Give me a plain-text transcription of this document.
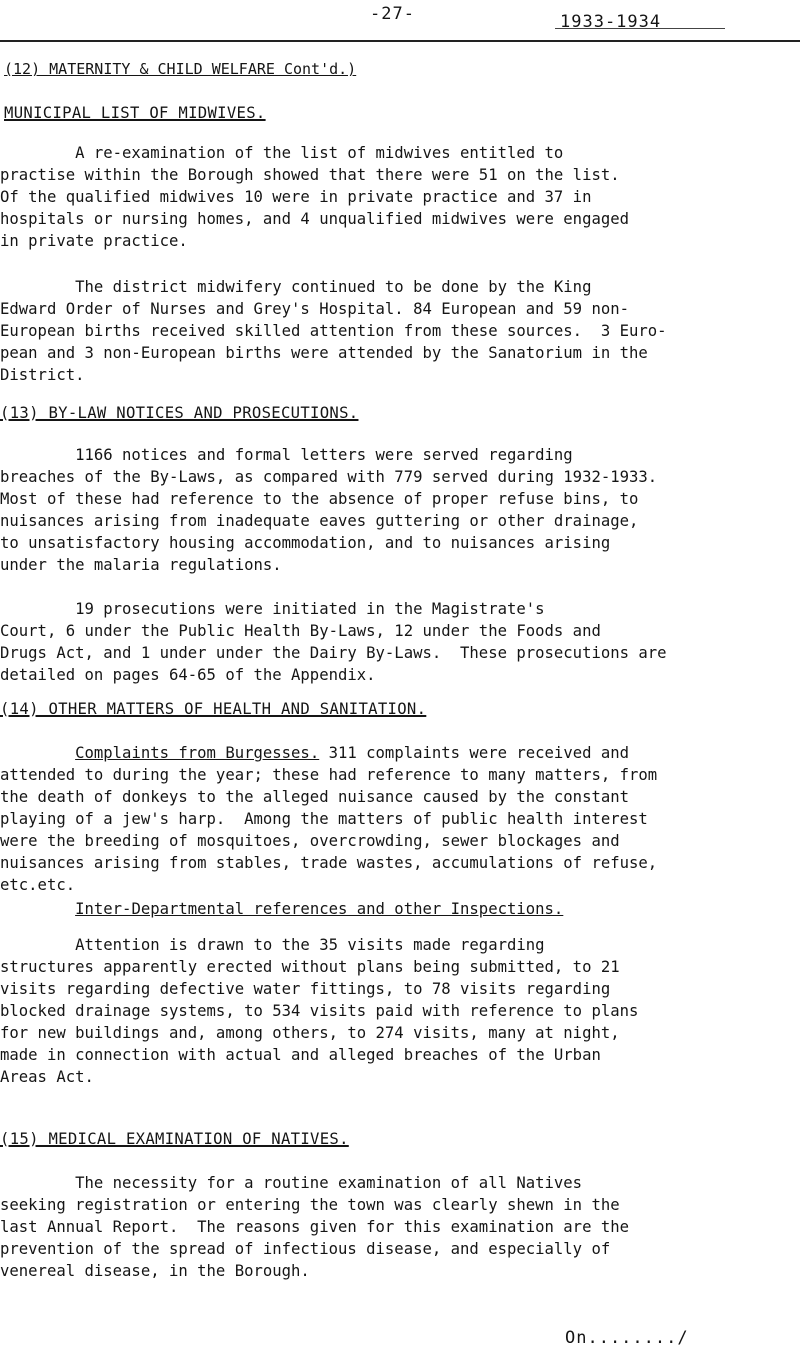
-27-	1933-1934
(12) MATERNITY & CHILD WELFARE Cont'd.)
MUNICIPAL LIST OF MIDWIVES.
A re-examination of the list of midwives entitled to
practise within the Borough showed that there were 51 on the list.
Of the qualified midwives 10 were in private practice and 37 in
hospitals or nursing homes, and 4 unqualified midwives were engaged
in private practice.
The district midwifery continued to be done by the King
Edward Order of Nurses and Grey's Hospital. 84 European and 59 non-
European births received skilled attention from these sources.  3 Euro-
pean and 3 non-European births were attended by the Sanatorium in the
District.
(13) BY-LAW NOTICES AND PROSECUTIONS.
1166 notices and formal letters were served regarding
breaches of the By-Laws, as compared with 779 served during 1932-1933.
Most of these had reference to the absence of proper refuse bins, to
nuisances arising from inadequate eaves guttering or other drainage,
to unsatisfactory housing accommodation, and to nuisances arising
under the malaria regulations.
19 prosecutions were initiated in the Magistrate's
Court, 6 under the Public Health By-Laws, 12 under the Foods and
Drugs Act, and 1 under under the Dairy By-Laws.  These prosecutions are
detailed on pages 64-65 of the Appendix.
(14) OTHER MATTERS OF HEALTH AND SANITATION.
Complaints from Burgesses. 311 complaints were received and
attended to during the year; these had reference to many matters, from
the death of donkeys to the alleged nuisance caused by the constant
playing of a jew's harp.  Among the matters of public health interest
were the breeding of mosquitoes, overcrowding, sewer blockages and
nuisances arising from stables, trade wastes, accumulations of refuse,
etc.etc.
Inter-Departmental references and other Inspections.
Attention is drawn to the 35 visits made regarding
structures apparently erected without plans being submitted, to 21
visits regarding defective water fittings, to 78 visits regarding
blocked drainage systems, to 534 visits paid with reference to plans
for new buildings and, among others, to 274 visits, many at night,
made in connection with actual and alleged breaches of the Urban
Areas Act.
(15) MEDICAL EXAMINATION OF NATIVES.
The necessity for a routine examination of all Natives
seeking registration or entering the town was clearly shewn in the
last Annual Report.  The reasons given for this examination are the
prevention of the spread of infectious disease, and especially of
venereal disease, in the Borough.
On......../
